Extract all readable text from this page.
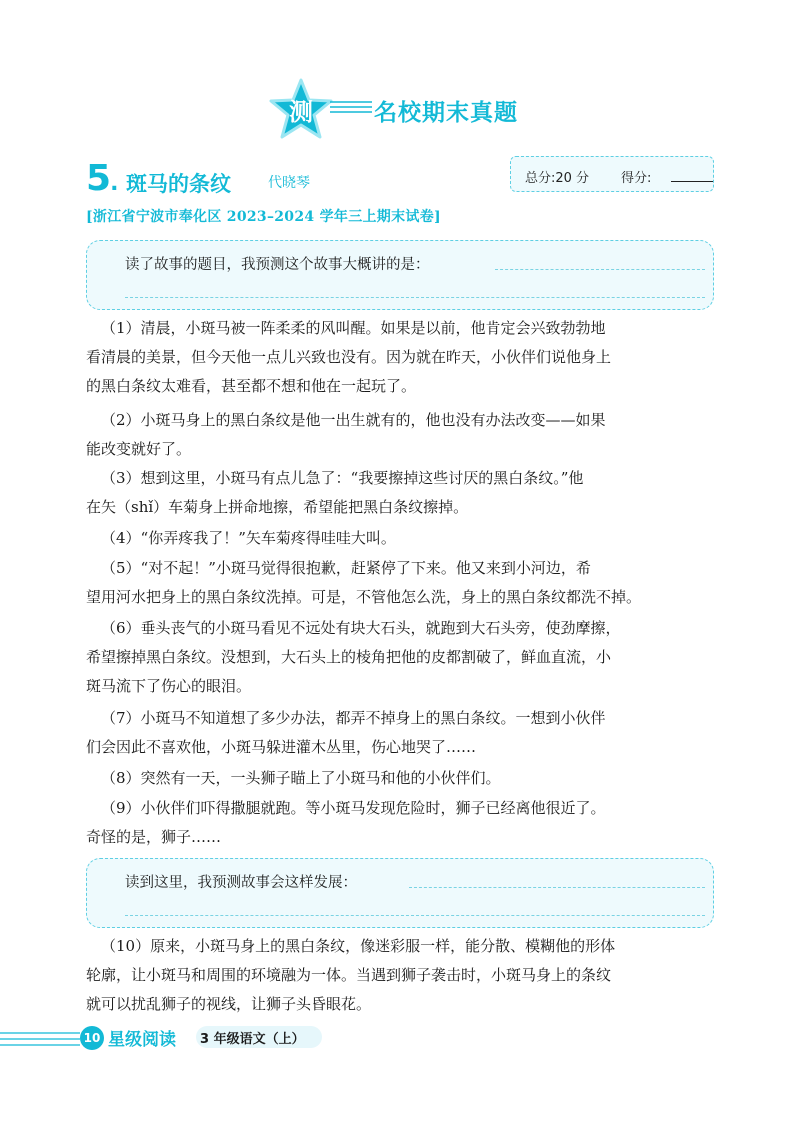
测	名校期末真题
5. 斑马的条纹	代晓琴	总分:20 分 得分:
[浙江省宁波市奉化区 2023–2024 学年三上期末试卷]
读了故事的题目，我预测这个故事大概讲的是：

（1）清晨，小斑马被一阵柔柔的风叫醒。如果是以前，他肯定会兴致勃勃地
看清晨的美景，但今天他一点儿兴致也没有。因为就在昨天，小伙伴们说他身上
的黑白条纹太难看，甚至都不想和他在一起玩了。

（2）小斑马身上的黑白条纹是他一出生就有的，他也没有办法改变——如果
能改变就好了。

（3）想到这里，小斑马有点儿急了：“我要擦掉这些讨厌的黑白条纹。”他
在矢（shǐ）车菊身上拼命地擦，希望能把黑白条纹擦掉。

（4）“你弄疼我了！”矢车菊疼得哇哇大叫。

（5）“对不起！”小斑马觉得很抱歉，赶紧停了下来。他又来到小河边，希
望用河水把身上的黑白条纹洗掉。可是，不管他怎么洗，身上的黑白条纹都洗不掉。

（6）垂头丧气的小斑马看见不远处有块大石头，就跑到大石头旁，使劲摩擦，
希望擦掉黑白条纹。没想到，大石头上的棱角把他的皮都割破了，鲜血直流，小
斑马流下了伤心的眼泪。

（7）小斑马不知道想了多少办法，都弄不掉身上的黑白条纹。一想到小伙伴
们会因此不喜欢他，小斑马躲进灌木丛里，伤心地哭了……

（8）突然有一天，一头狮子瞄上了小斑马和他的小伙伴们。

（9）小伙伴们吓得撒腿就跑。等小斑马发现危险时，狮子已经离他很近了。
奇怪的是，狮子……

读到这里，我预测故事会这样发展：

（10）原来，小斑马身上的黑白条纹，像迷彩服一样，能分散、模糊他的形体
轮廓，让小斑马和周围的环境融为一体。当遇到狮子袭击时，小斑马身上的条纹
就可以扰乱狮子的视线，让狮子头昏眼花。

10 星级阅读 3 年级语文（上）
